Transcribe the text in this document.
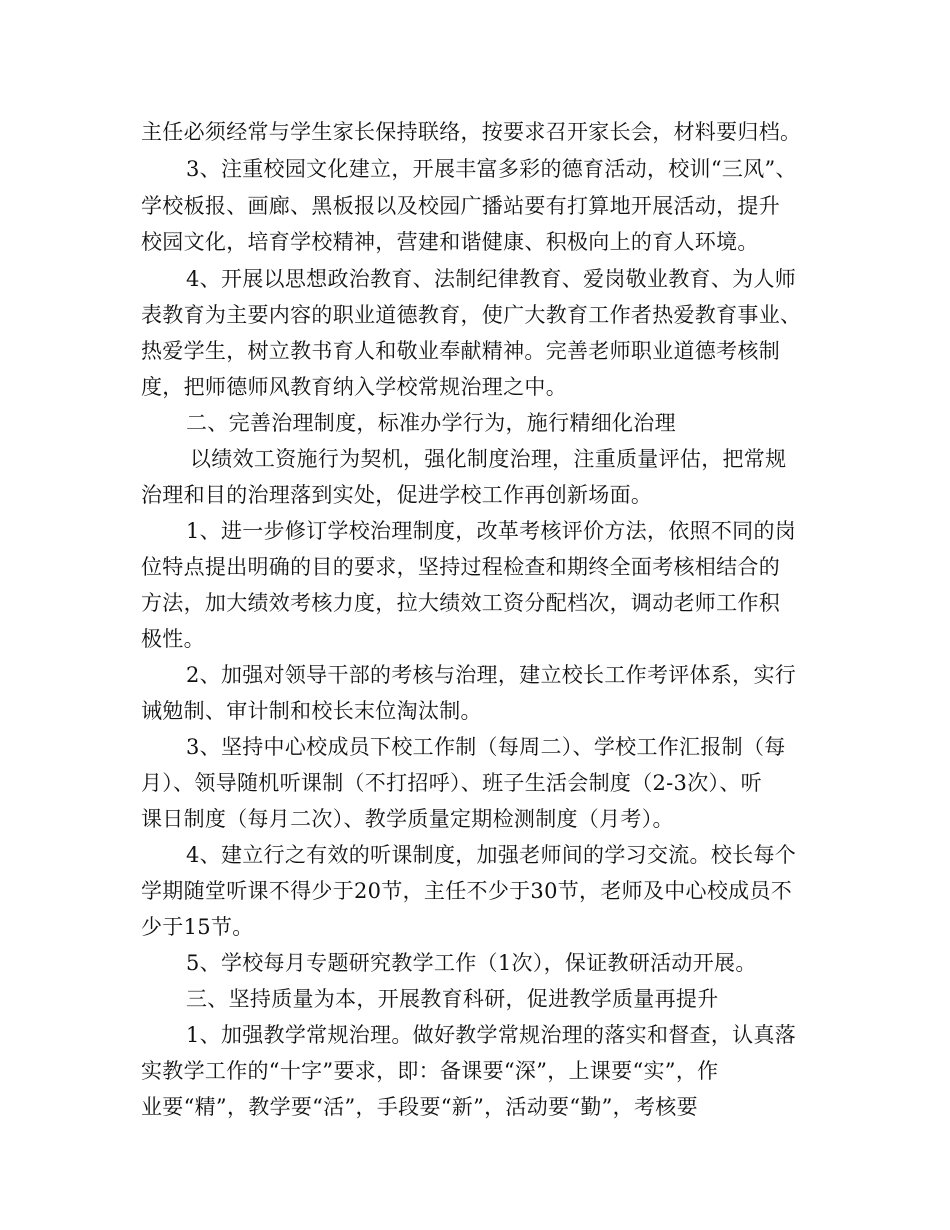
主任必须经常与学生家长保持联络，按要求召开家长会，材料要归档。
3、注重校园文化建立，开展丰富多彩的德育活动，校训“三风”、
学校板报、画廊、黑板报以及校园广播站要有打算地开展活动，提升
校园文化，培育学校精神，营建和谐健康、积极向上的育人环境。
4、开展以思想政治教育、法制纪律教育、爱岗敬业教育、为人师
表教育为主要内容的职业道德教育，使广大教育工作者热爱教育事业、
热爱学生，树立教书育人和敬业奉献精神。完善老师职业道德考核制
度，把师德师风教育纳入学校常规治理之中。
二、完善治理制度，标准办学行为，施行精细化治理
以绩效工资施行为契机，强化制度治理，注重质量评估，把常规
治理和目的治理落到实处，促进学校工作再创新场面。
1、进一步修订学校治理制度，改革考核评价方法，依照不同的岗
位特点提出明确的目的要求，坚持过程检查和期终全面考核相结合的
方法，加大绩效考核力度，拉大绩效工资分配档次，调动老师工作积
极性。
2、加强对领导干部的考核与治理，建立校长工作考评体系，实行
诫勉制、审计制和校长末位淘汰制。
3、坚持中心校成员下校工作制（每周二）、学校工作汇报制（每
月）、领导随机听课制（不打招呼）、班子生活会制度（2-3次）、听
课日制度（每月二次）、教学质量定期检测制度（月考）。
4、建立行之有效的听课制度，加强老师间的学习交流。校长每个
学期随堂听课不得少于20节，主任不少于30节，老师及中心校成员不
少于15节。
5、学校每月专题研究教学工作（1次），保证教研活动开展。
三、坚持质量为本，开展教育科研，促进教学质量再提升
1、加强教学常规治理。做好教学常规治理的落实和督查，认真落
实教学工作的“十字”要求，即：备课要“深”，上课要“实”，作
业要“精”，教学要“活”，手段要“新”，活动要“勤”，考核要
